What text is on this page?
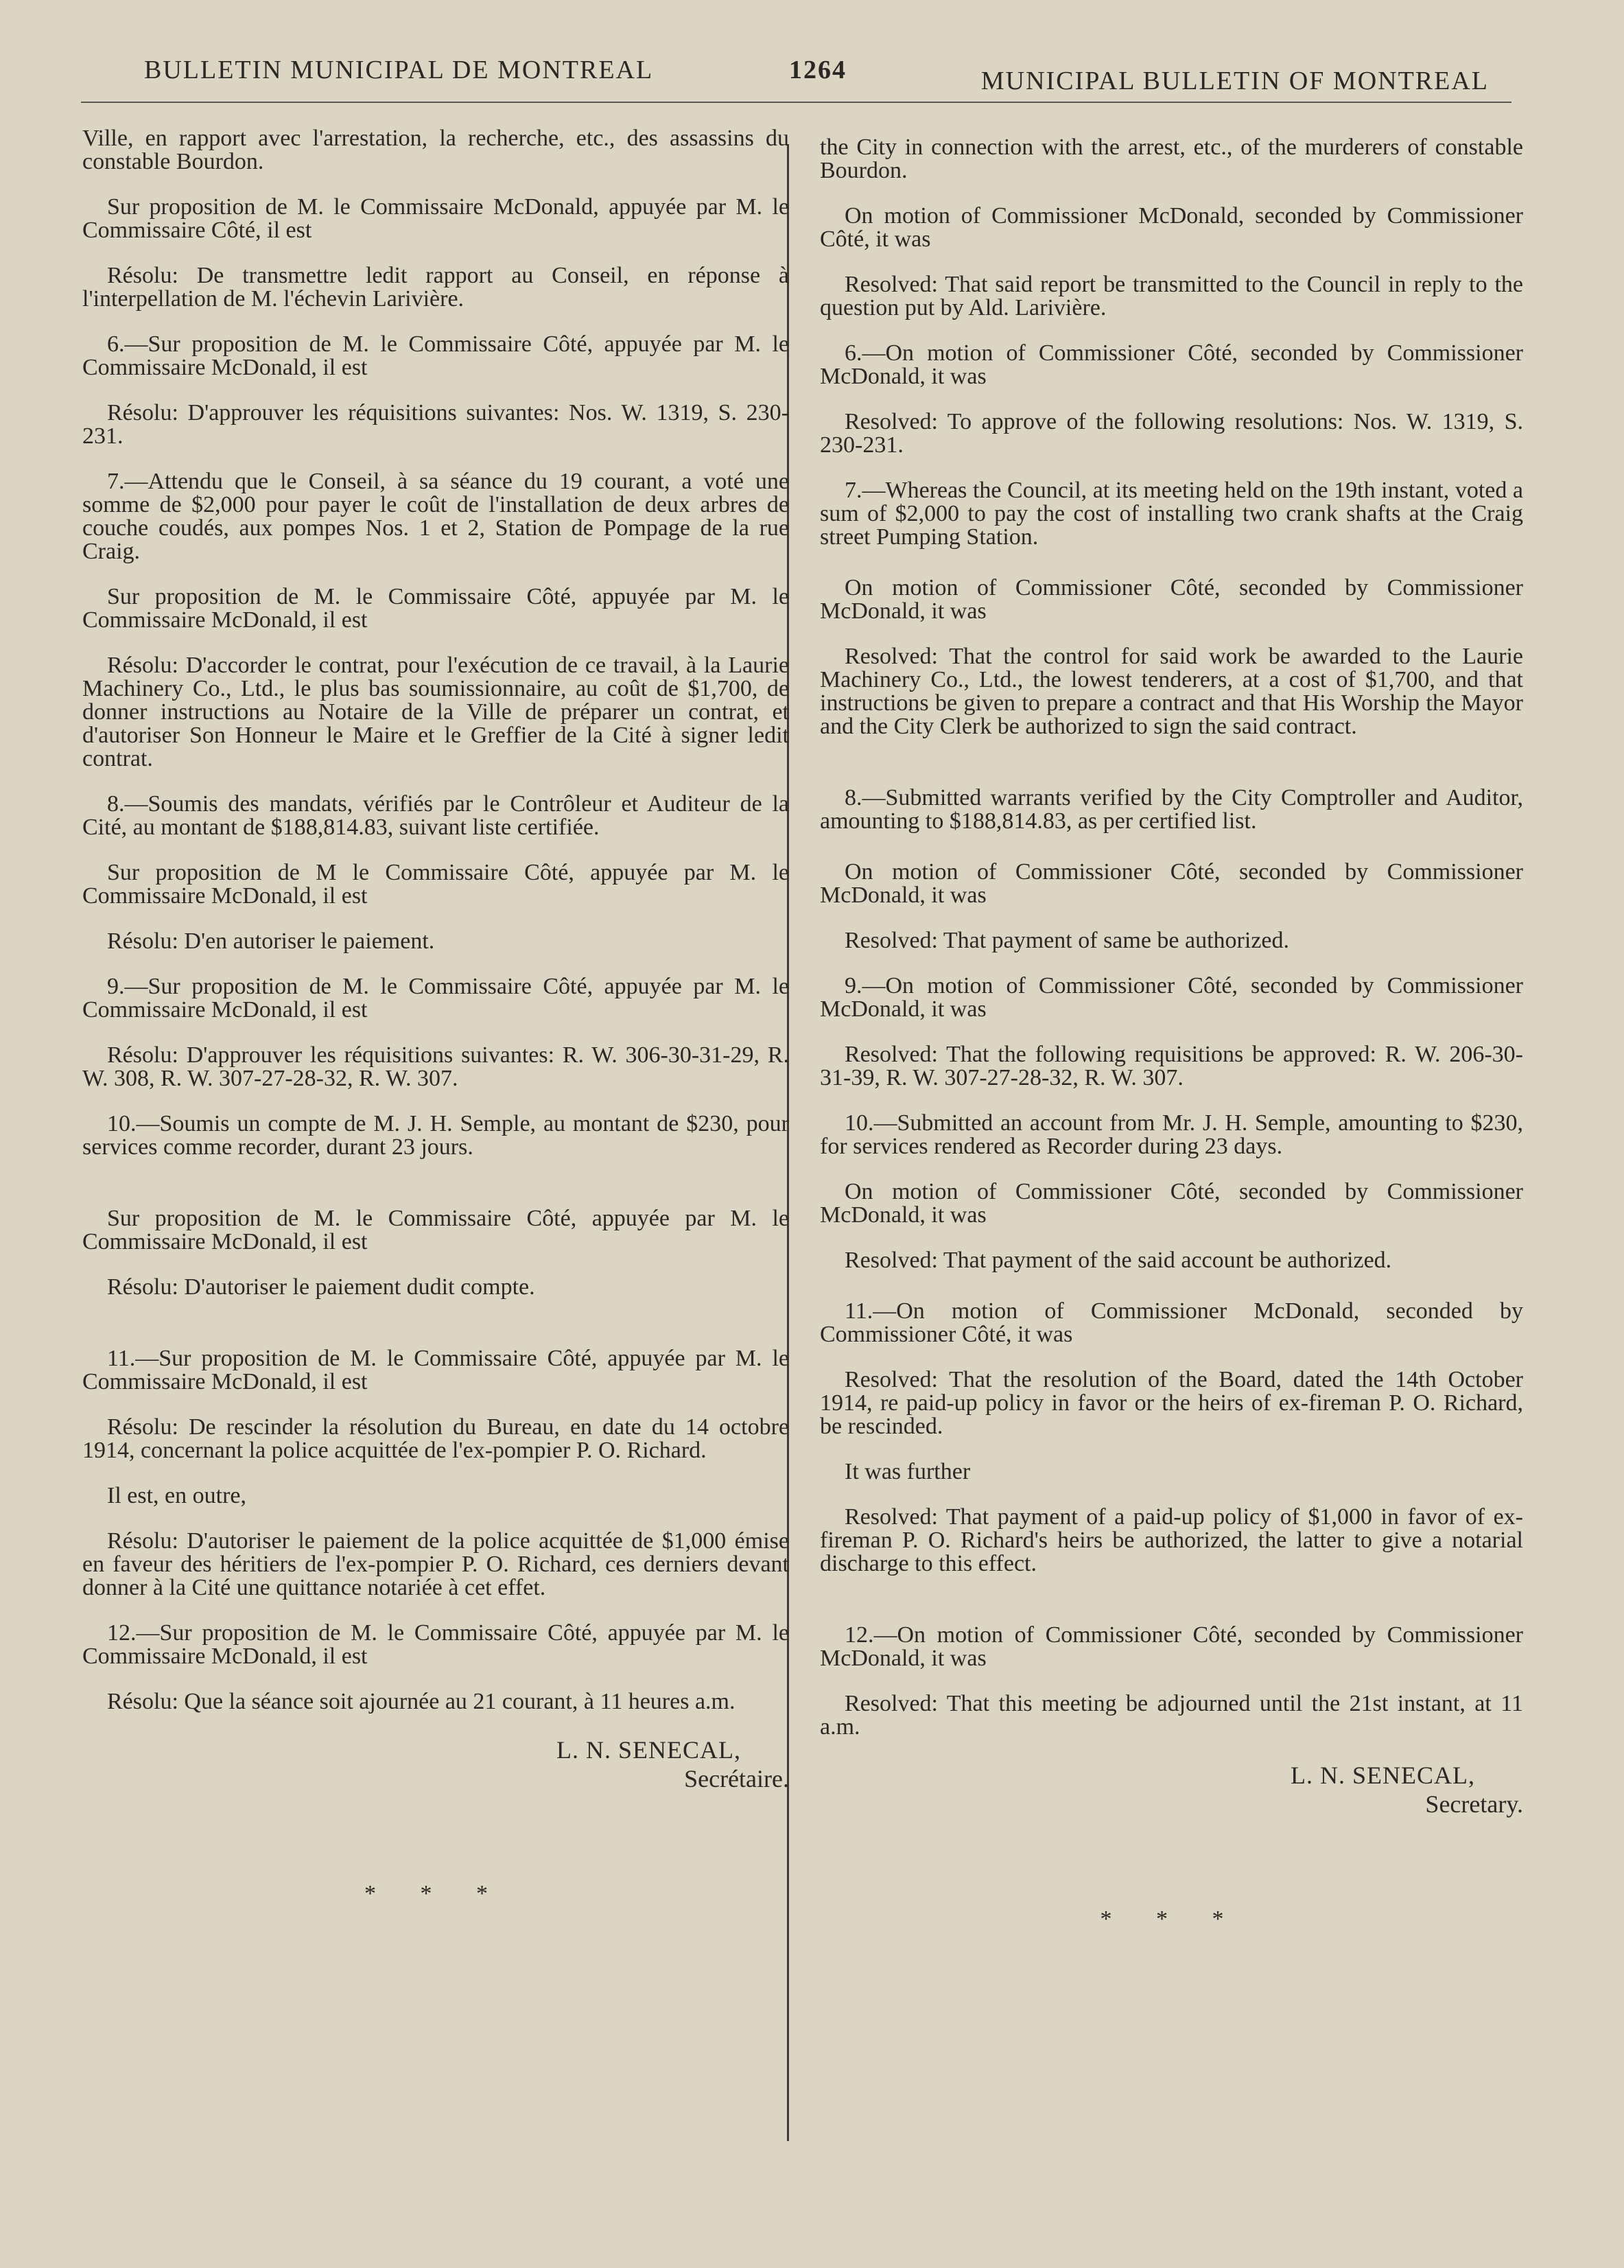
BULLETIN MUNICIPAL DE MONTREAL	1264	MUNICIPAL BULLETIN OF MONTREAL

Ville, en rapport avec l'arrestation, la recherche, etc., des assassins du constable Bourdon.

Sur proposition de M. le Commissaire McDonald, appuyée par M. le Commissaire Côté, il est

Résolu: De transmettre ledit rapport au Conseil, en réponse à l'interpellation de M. l'échevin Larivière.

6.—Sur proposition de M. le Commissaire Côté, appuyée par M. le Commissaire McDonald, il est

Résolu: D'approuver les réquisitions suivantes: Nos. W. 1319, S. 230-231.

7.—Attendu que le Conseil, à sa séance du 19 courant, a voté une somme de $2,000 pour payer le coût de l'installation de deux arbres de couche coudés, aux pompes Nos. 1 et 2, Station de Pompage de la rue Craig.

Sur proposition de M. le Commissaire Côté, appuyée par M. le Commissaire McDonald, il est

Résolu: D'accorder le contrat, pour l'exécution de ce travail, à la Laurie Machinery Co., Ltd., le plus bas soumissionnaire, au coût de $1,700, de donner instructions au Notaire de la Ville de préparer un contrat, et d'autoriser Son Honneur le Maire et le Greffier de la Cité à signer ledit contrat.

8.—Soumis des mandats, vérifiés par le Contrôleur et Auditeur de la Cité, au montant de $188,814.83, suivant liste certifiée.

Sur proposition de M le Commissaire Côté, appuyée par M. le Commissaire McDonald, il est

Résolu: D'en autoriser le paiement.

9.—Sur proposition de M. le Commissaire Côté, appuyée par M. le Commissaire McDonald, il est

Résolu: D'approuver les réquisitions suivantes: R. W. 306-30-31-29, R. W. 308, R. W. 307-27-28-32, R. W. 307.

10.—Soumis un compte de M. J. H. Semple, au montant de $230, pour services comme recorder, durant 23 jours.

Sur proposition de M. le Commissaire Côté, appuyée par M. le Commissaire McDonald, il est

Résolu: D'autoriser le paiement dudit compte.

11.—Sur proposition de M. le Commissaire Côté, appuyée par M. le Commissaire McDonald, il est

Résolu: De rescinder la résolution du Bureau, en date du 14 octobre 1914, concernant la police acquittée de l'ex-pompier P. O. Richard.

Il est, en outre,

Résolu: D'autoriser le paiement de la police acquittée de $1,000 émise en faveur des héritiers de l'ex-pompier P. O. Richard, ces derniers devant donner à la Cité une quittance notariée à cet effet.

12.—Sur proposition de M. le Commissaire Côté, appuyée par M. le Commissaire McDonald, il est

Résolu: Que la séance soit ajournée au 21 courant, à 11 heures a.m.

L. N. SENECAL,
Secrétaire.
* * *

the City in connection with the arrest, etc., of the murderers of constable Bourdon.

On motion of Commissioner McDonald, seconded by Commissioner Côté, it was

Resolved: That said report be transmitted to the Council in reply to the question put by Ald. Larivière.

6.—On motion of Commissioner Côté, seconded by Commissioner McDonald, it was

Resolved: To approve of the following resolutions: Nos. W. 1319, S. 230-231.

7.—Whereas the Council, at its meeting held on the 19th instant, voted a sum of $2,000 to pay the cost of installing two crank shafts at the Craig street Pumping Station.

On motion of Commissioner Côté, seconded by Commissioner McDonald, it was

Resolved: That the control for said work be awarded to the Laurie Machinery Co., Ltd., the lowest tenderers, at a cost of $1,700, and that instructions be given to prepare a contract and that His Worship the Mayor and the City Clerk be authorized to sign the said contract.

8.—Submitted warrants verified by the City Comptroller and Auditor, amounting to $188,814.83, as per certified list.

On motion of Commissioner Côté, seconded by Commissioner McDonald, it was

Resolved: That payment of same be authorized.

9.—On motion of Commissioner Côté, seconded by Commissioner McDonald, it was

Resolved: That the following requisitions be approved: R. W. 206-30-31-39, R. W. 307-27-28-32, R. W. 307.

10.—Submitted an account from Mr. J. H. Semple, amounting to $230, for services rendered as Recorder during 23 days.

On motion of Commissioner Côté, seconded by Commissioner McDonald, it was

Resolved: That payment of the said account be authorized.

11.—On motion of Commissioner McDonald, seconded by Commissioner Côté, it was

Resolved: That the resolution of the Board, dated the 14th October 1914, re paid-up policy in favor or the heirs of ex-fireman P. O. Richard, be rescinded.

It was further

Resolved: That payment of a paid-up policy of $1,000 in favor of ex-fireman P. O. Richard's heirs be authorized, the latter to give a notarial discharge to this effect.

12.—On motion of Commissioner Côté, seconded by Commissioner McDonald, it was

Resolved: That this meeting be adjourned until the 21st instant, at 11 a.m.

L. N. SENECAL,
Secretary.
* * *
